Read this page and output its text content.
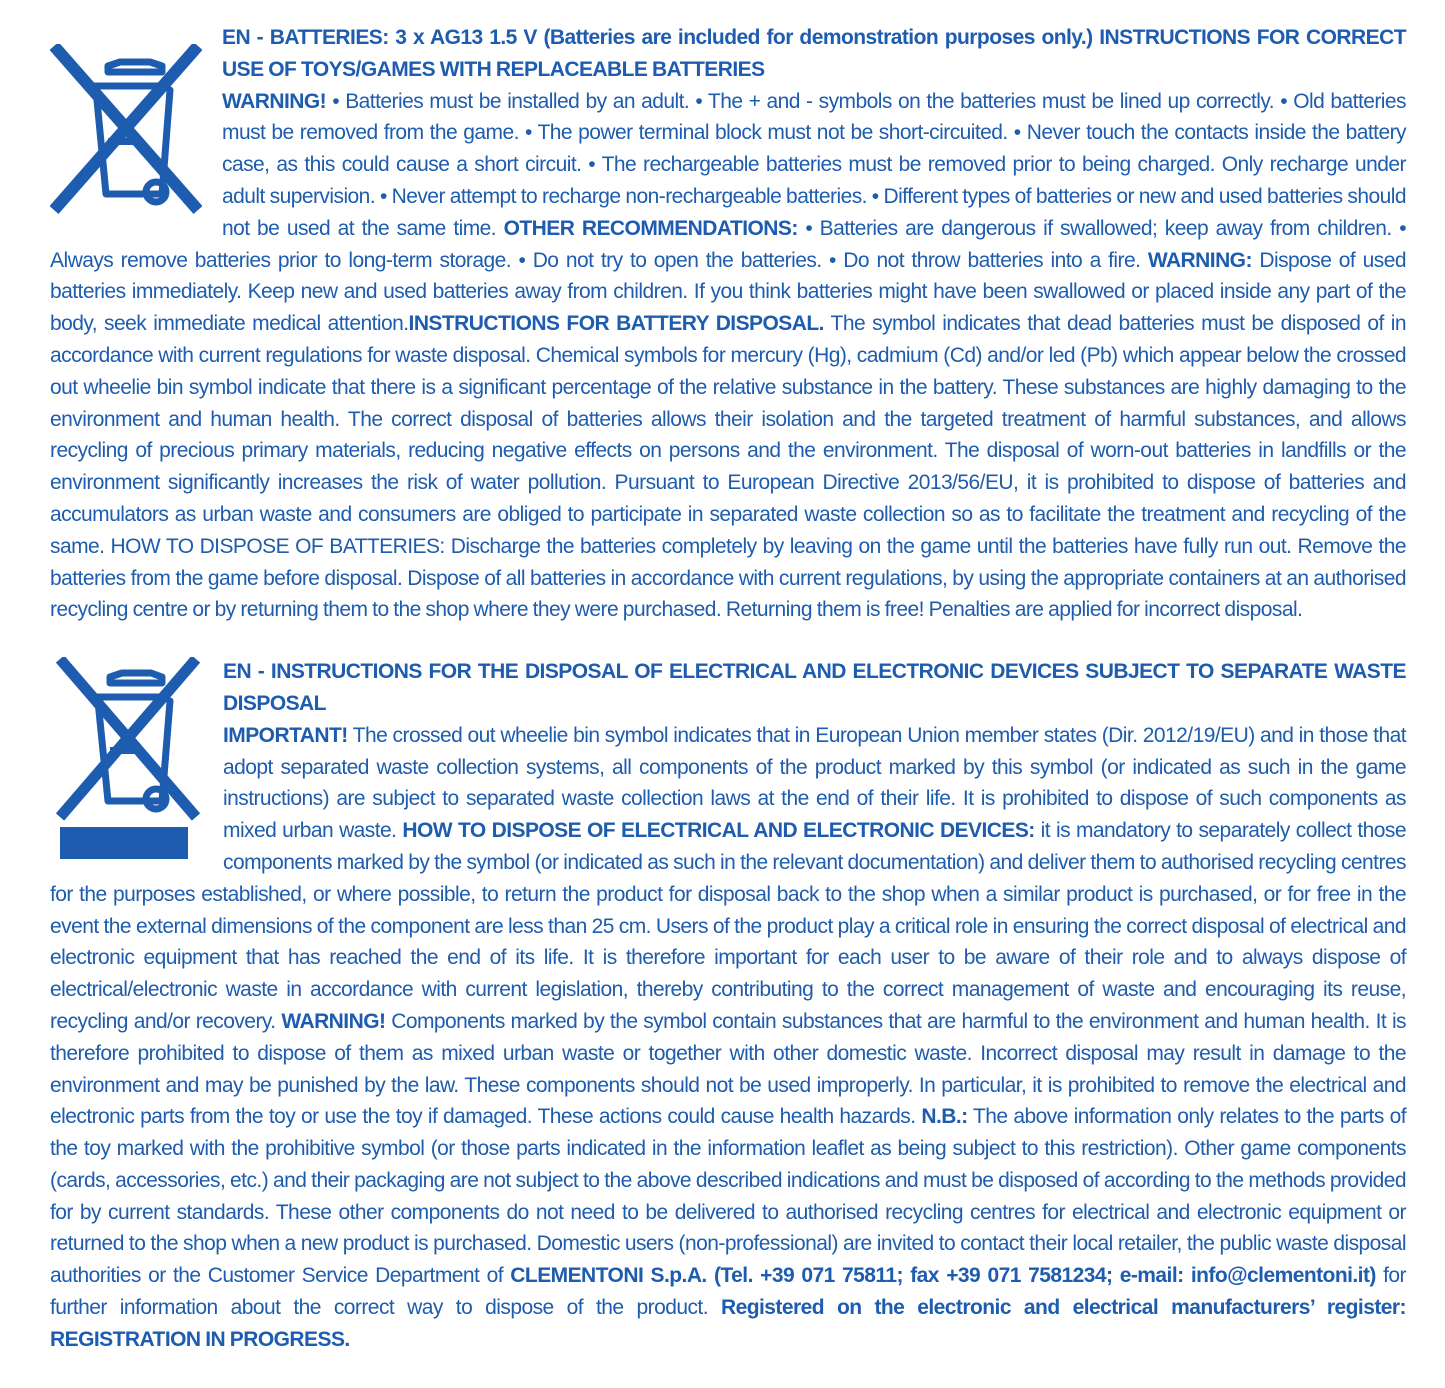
EN - BATTERIES: 3 x AG13 1.5 V (Batteries are included for demonstration purposes only.) INSTRUCTIONS FOR CORRECT USE OF TOYS/GAMES WITH REPLACEABLE BATTERIES
WARNING! • Batteries must be installed by an adult. • The + and - symbols on the batteries must be lined up correctly. • Old batteries must be removed from the game. • The power terminal block must not be short-circuited. • Never touch the contacts inside the battery case, as this could cause a short circuit. • The rechargeable batteries must be removed prior to being charged. Only recharge under adult supervision. • Never attempt to recharge non-rechargeable batteries. • Different types of batteries or new and used batteries should not be used at the same time. OTHER RECOMMENDATIONS: • Batteries are dangerous if swallowed; keep away from children. • Always remove batteries prior to long-term storage. • Do not try to open the batteries. • Do not throw batteries into a fire. WARNING: Dispose of used batteries immediately. Keep new and used batteries away from children. If you think batteries might have been swallowed or placed inside any part of the body, seek immediate medical attention.INSTRUCTIONS FOR BATTERY DISPOSAL. The symbol indicates that dead batteries must be disposed of in accordance with current regulations for waste disposal. Chemical symbols for mercury (Hg), cadmium (Cd) and/or led (Pb) which appear below the crossed out wheelie bin symbol indicate that there is a significant percentage of the relative substance in the battery. These substances are highly damaging to the environment and human health. The correct disposal of batteries allows their isolation and the targeted treatment of harmful substances, and allows recycling of precious primary materials, reducing negative effects on persons and the environment. The disposal of worn-out batteries in landfills or the environment significantly increases the risk of water pollution. Pursuant to European Directive 2013/56/EU, it is prohibited to dispose of batteries and accumulators as urban waste and consumers are obliged to participate in separated waste collection so as to facilitate the treatment and recycling of the same. HOW TO DISPOSE OF BATTERIES: Discharge the batteries completely by leaving on the game until the batteries have fully run out. Remove the batteries from the game before disposal. Dispose of all batteries in accordance with current regulations, by using the appropriate containers at an authorised recycling centre or by returning them to the shop where they were purchased. Returning them is free! Penalties are applied for incorrect disposal.

EN - INSTRUCTIONS FOR THE DISPOSAL OF ELECTRICAL AND ELECTRONIC DEVICES SUBJECT TO SEPARATE WASTE DISPOSAL
IMPORTANT! The crossed out wheelie bin symbol indicates that in European Union member states (Dir. 2012/19/EU) and in those that adopt separated waste collection systems, all components of the product marked by this symbol (or indicated as such in the game instructions) are subject to separated waste collection laws at the end of their life. It is prohibited to dispose of such components as mixed urban waste. HOW TO DISPOSE OF ELECTRICAL AND ELECTRONIC DEVICES: it is mandatory to separately collect those components marked by the symbol (or indicated as such in the relevant documentation) and deliver them to authorised recycling centres for the purposes established, or where possible, to return the product for disposal back to the shop when a similar product is purchased, or for free in the event the external dimensions of the component are less than 25 cm. Users of the product play a critical role in ensuring the correct disposal of electrical and electronic equipment that has reached the end of its life. It is therefore important for each user to be aware of their role and to always dispose of electrical/electronic waste in accordance with current legislation, thereby contributing to the correct management of waste and encouraging its reuse, recycling and/or recovery. WARNING! Components marked by the symbol contain substances that are harmful to the environment and human health. It is therefore prohibited to dispose of them as mixed urban waste or together with other domestic waste. Incorrect disposal may result in damage to the environment and may be punished by the law. These components should not be used improperly. In particular, it is prohibited to remove the electrical and electronic parts from the toy or use the toy if damaged. These actions could cause health hazards. N.B.: The above information only relates to the parts of the toy marked with the prohibitive symbol (or those parts indicated in the information leaflet as being subject to this restriction). Other game components (cards, accessories, etc.) and their packaging are not subject to the above described indications and must be disposed of according to the methods provided for by current standards. These other components do not need to be delivered to authorised recycling centres for electrical and electronic equipment or returned to the shop when a new product is purchased. Domestic users (non-professional) are invited to contact their local retailer, the public waste disposal authorities or the Customer Service Department of CLEMENTONI S.p.A. (Tel. +39 071 75811; fax +39 071 7581234; e-mail: info@clementoni.it) for further information about the correct way to dispose of the product. Registered on the electronic and electrical manufacturers’ register: REGISTRATION IN PROGRESS.
